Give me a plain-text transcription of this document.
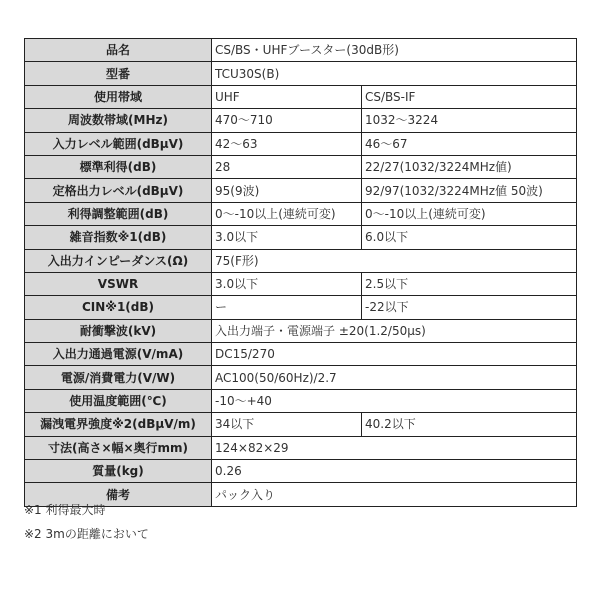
品名	CS/BS・UHFブースター(30dB形)	
型番	TCU30S(B)	
使用帯域	UHF	CS/BS-IF
周波数帯域(MHz)	470～710	1032～3224
入力レベル範囲(dBμV)	42～63	46～67
標準利得(dB)	28	22/27(1032/3224MHz値)
定格出力レベル(dBμV)	95(9波)	92/97(1032/3224MHz値 50波)
利得調整範囲(dB)	0～-10以上(連続可変)	0～-10以上(連続可変)
雑音指数※1(dB)	3.0以下	6.0以下
入出力インピーダンス(Ω)	75(F形)	
VSWR	3.0以下	2.5以下
CIN※1(dB)	ー	-22以下
耐衝撃波(kV)	入出力端子・電源端子 ±20(1.2/50μs)	
入出力通過電源(V/mA)	DC15/270	
電源/消費電力(V/W)	AC100(50/60Hz)/2.7	
使用温度範囲(℃)	-10～+40	
漏洩電界強度※2(dBμV/m)	34以下	40.2以下
寸法(高さ×幅×奥行mm)	124×82×29	
質量(kg)	0.26	
備考	パック入り	
※1 利得最大時
※2 3mの距離において
